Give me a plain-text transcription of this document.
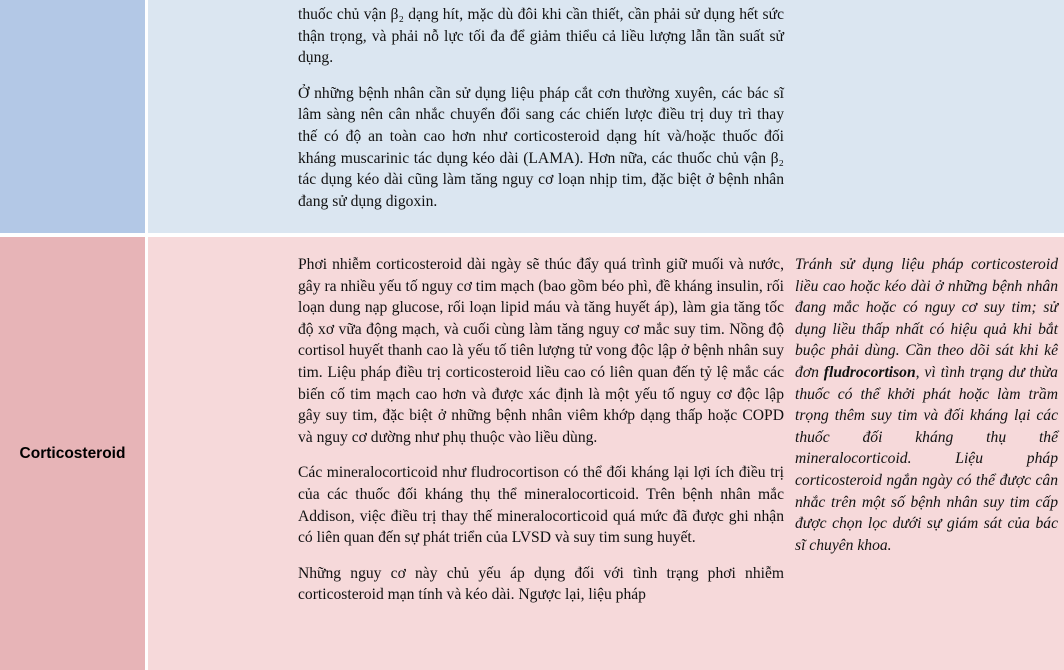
thuốc chủ vận β₂ dạng hít, mặc dù đôi khi cần thiết, cần phải sử dụng hết sức thận trọng, và phải nỗ lực tối đa để giảm thiểu cả liều lượng lẫn tần suất sử dụng.

Ở những bệnh nhân cần sử dụng liệu pháp cắt cơn thường xuyên, các bác sĩ lâm sàng nên cân nhắc chuyển đổi sang các chiến lược điều trị duy trì thay thế có độ an toàn cao hơn như corticosteroid dạng hít và/hoặc thuốc đối kháng muscarinic tác dụng kéo dài (LAMA). Hơn nữa, các thuốc chủ vận β₂ tác dụng kéo dài cũng làm tăng nguy cơ loạn nhịp tim, đặc biệt ở bệnh nhân đang sử dụng digoxin.

Corticosteroid

Phơi nhiễm corticosteroid dài ngày sẽ thúc đẩy quá trình giữ muối và nước, gây ra nhiều yếu tố nguy cơ tim mạch (bao gồm béo phì, đề kháng insulin, rối loạn dung nạp glucose, rối loạn lipid máu và tăng huyết áp), làm gia tăng tốc độ xơ vữa động mạch, và cuối cùng làm tăng nguy cơ mắc suy tim. Nồng độ cortisol huyết thanh cao là yếu tố tiên lượng tử vong độc lập ở bệnh nhân suy tim. Liệu pháp điều trị corticosteroid liều cao có liên quan đến tỷ lệ mắc các biến cố tim mạch cao hơn và được xác định là một yếu tố nguy cơ độc lập gây suy tim, đặc biệt ở những bệnh nhân viêm khớp dạng thấp hoặc COPD và nguy cơ dường như phụ thuộc vào liều dùng.

Các mineralocorticoid như fludrocortison có thể đối kháng lại lợi ích điều trị của các thuốc đối kháng thụ thể mineralocorticoid. Trên bệnh nhân mắc Addison, việc điều trị thay thế mineralocorticoid quá mức đã được ghi nhận có liên quan đến sự phát triển của LVSD và suy tim sung huyết.

Những nguy cơ này chủ yếu áp dụng đối với tình trạng phơi nhiễm corticosteroid mạn tính và kéo dài. Ngược lại, liệu pháp

Tránh sử dụng liệu pháp corticosteroid liều cao hoặc kéo dài ở những bệnh nhân đang mắc hoặc có nguy cơ suy tim; sử dụng liều thấp nhất có hiệu quả khi bắt buộc phải dùng. Cần theo dõi sát khi kê đơn fludrocortison, vì tình trạng dư thừa thuốc có thể khởi phát hoặc làm trầm trọng thêm suy tim và đối kháng lại các thuốc đối kháng thụ thể mineralocorticoid. Liệu pháp corticosteroid ngắn ngày có thể được cân nhắc trên một số bệnh nhân suy tim cấp được chọn lọc dưới sự giám sát của bác sĩ chuyên khoa.
